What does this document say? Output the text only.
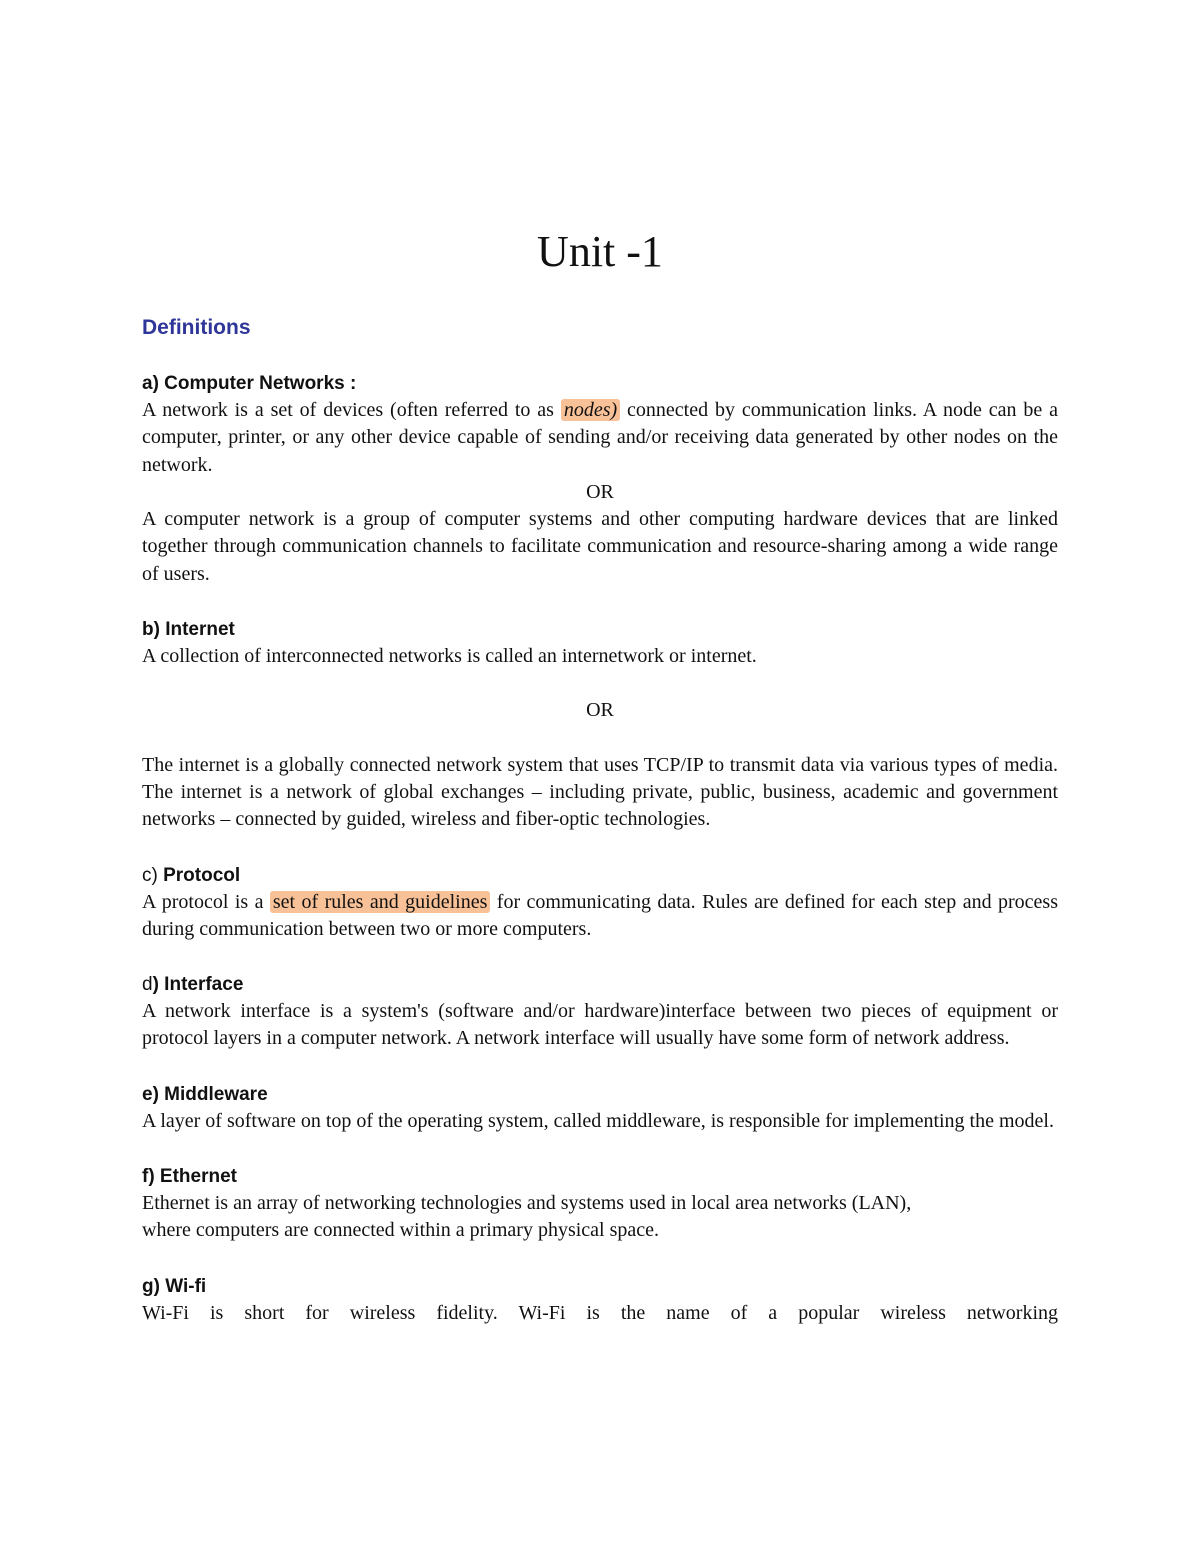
Unit -1
Definitions

a) Computer Networks :

A network is a set of devices (often referred to as nodes) connected by communication links. A node can be a computer, printer, or any other device capable of sending and/or receiving data generated by other nodes on the network.

OR

A computer network is a group of computer systems and other computing hardware devices that are linked together through communication channels to facilitate communication and resource-sharing among a wide range of users.

b) Internet

A collection of interconnected networks is called an internetwork or internet.

OR

The internet is a globally connected network system that uses TCP/IP to transmit data via various types of media. The internet is a network of global exchanges – including private, public, business, academic and government networks – connected by guided, wireless and fiber-optic technologies.

c) Protocol

A protocol is a set of rules and guidelines for communicating data. Rules are defined for each step and process during communication between two or more computers.

d) Interface

A network interface is a system's (software and/or hardware)interface between two pieces of equipment or protocol layers in a computer network. A network interface will usually have some form of network address.

e) Middleware

A layer of software on top of the operating system, called middleware, is responsible for implementing the model.

f) Ethernet

Ethernet is an array of networking technologies and systems used in local area networks (LAN),

where computers are connected within a primary physical space.

g) Wi-fi

Wi-Fi is short for wireless fidelity. Wi-Fi is the name of a popular wireless networking
